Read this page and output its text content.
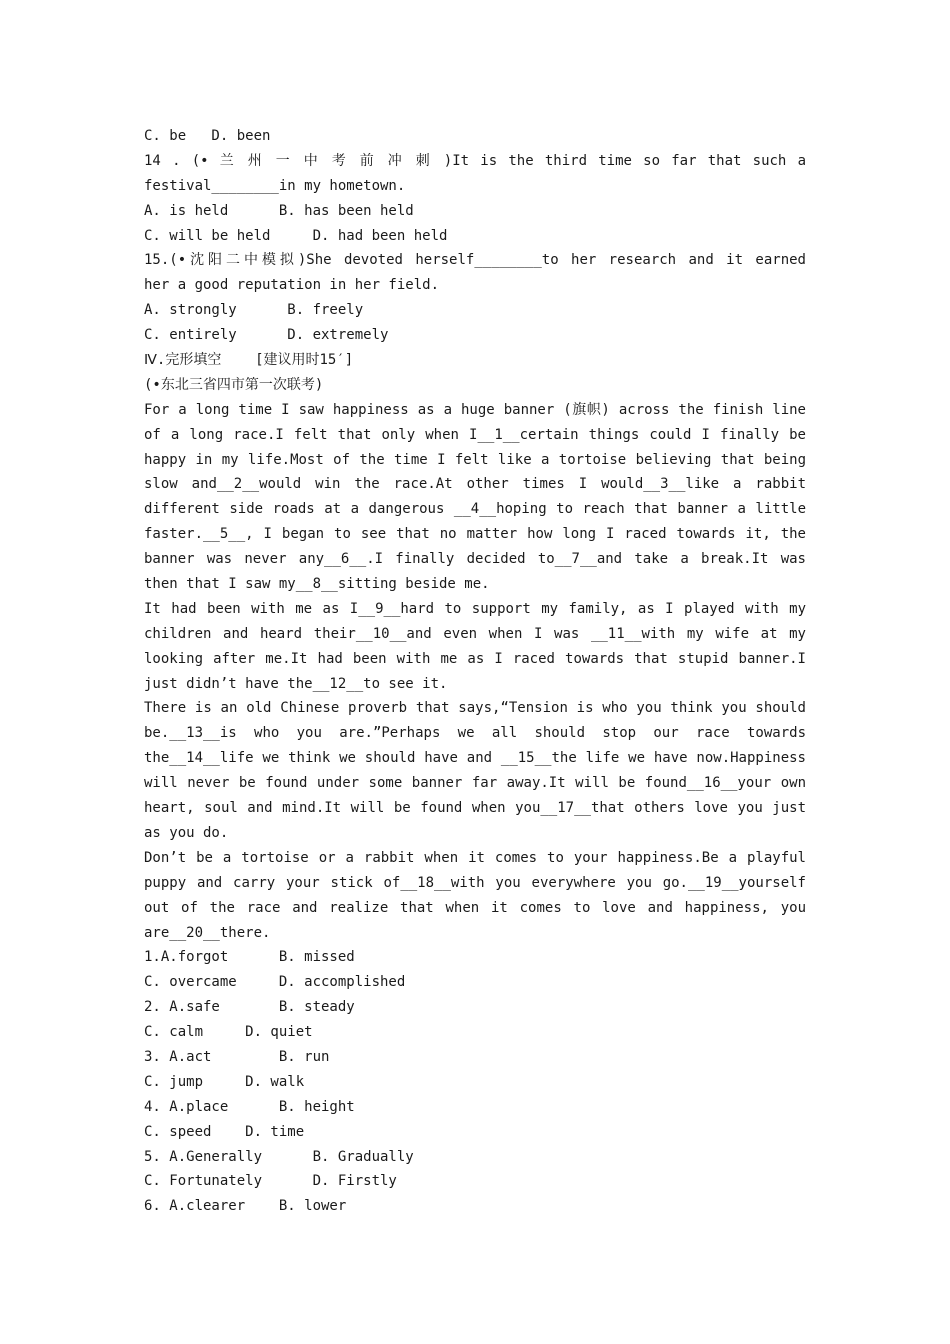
C. be   D. been
14 . (• 兰 州 一 中 考 前 冲 刺 )It is the third time so far that such a
festival________in my hometown.
A. is held      B. has been held
C. will be held     D. had been held
15.(•沈阳二中模拟)She devoted herself________to her research and it earned
her a good reputation in her field.
A. strongly      B. freely
C. entirely      D. extremely
Ⅳ.完形填空    [建议用时15′]
(•东北三省四市第一次联考)
For a long time I saw happiness as a huge banner (旗帜) across the finish line
of a long race.I felt that only when I__1__certain things could I finally be
happy in my life.Most of the time I felt like a tortoise believing that being
slow and__2__would win the race.At other times I would__3__like a rabbit
different side roads at a dangerous __4__hoping to reach that banner a little
faster.__5__, I began to see that no matter how long I raced towards it, the
banner was never any__6__.I finally decided to__7__and take a break.It was
then that I saw my__8__sitting beside me.
It had been with me as I__9__hard to support my family, as I played with my
children and heard their__10__and even when I was __11__with my wife at my
looking after me.It had been with me as I raced towards that stupid banner.I
just didn’t have the__12__to see it.
There is an old Chinese proverb that says,“Tension is who you think you should
be.__13__is who you are.”Perhaps we all should stop our race towards
the__14__life we think we should have and __15__the life we have now.Happiness
will never be found under some banner far away.It will be found__16__your own
heart, soul and mind.It will be found when you__17__that others love you just
as you do.
Don’t be a tortoise or a rabbit when it comes to your happiness.Be a playful
puppy and carry your stick of__18__with you everywhere you go.__19__yourself
out of the race and realize that when it comes to love and happiness, you
are__20__there.
1.A.forgot      B. missed
C. overcame     D. accomplished
2. A.safe       B. steady
C. calm     D. quiet
3. A.act        B. run
C. jump     D. walk
4. A.place      B. height
C. speed    D. time
5. A.Generally      B. Gradually
C. Fortunately      D. Firstly
6. A.clearer    B. lower
